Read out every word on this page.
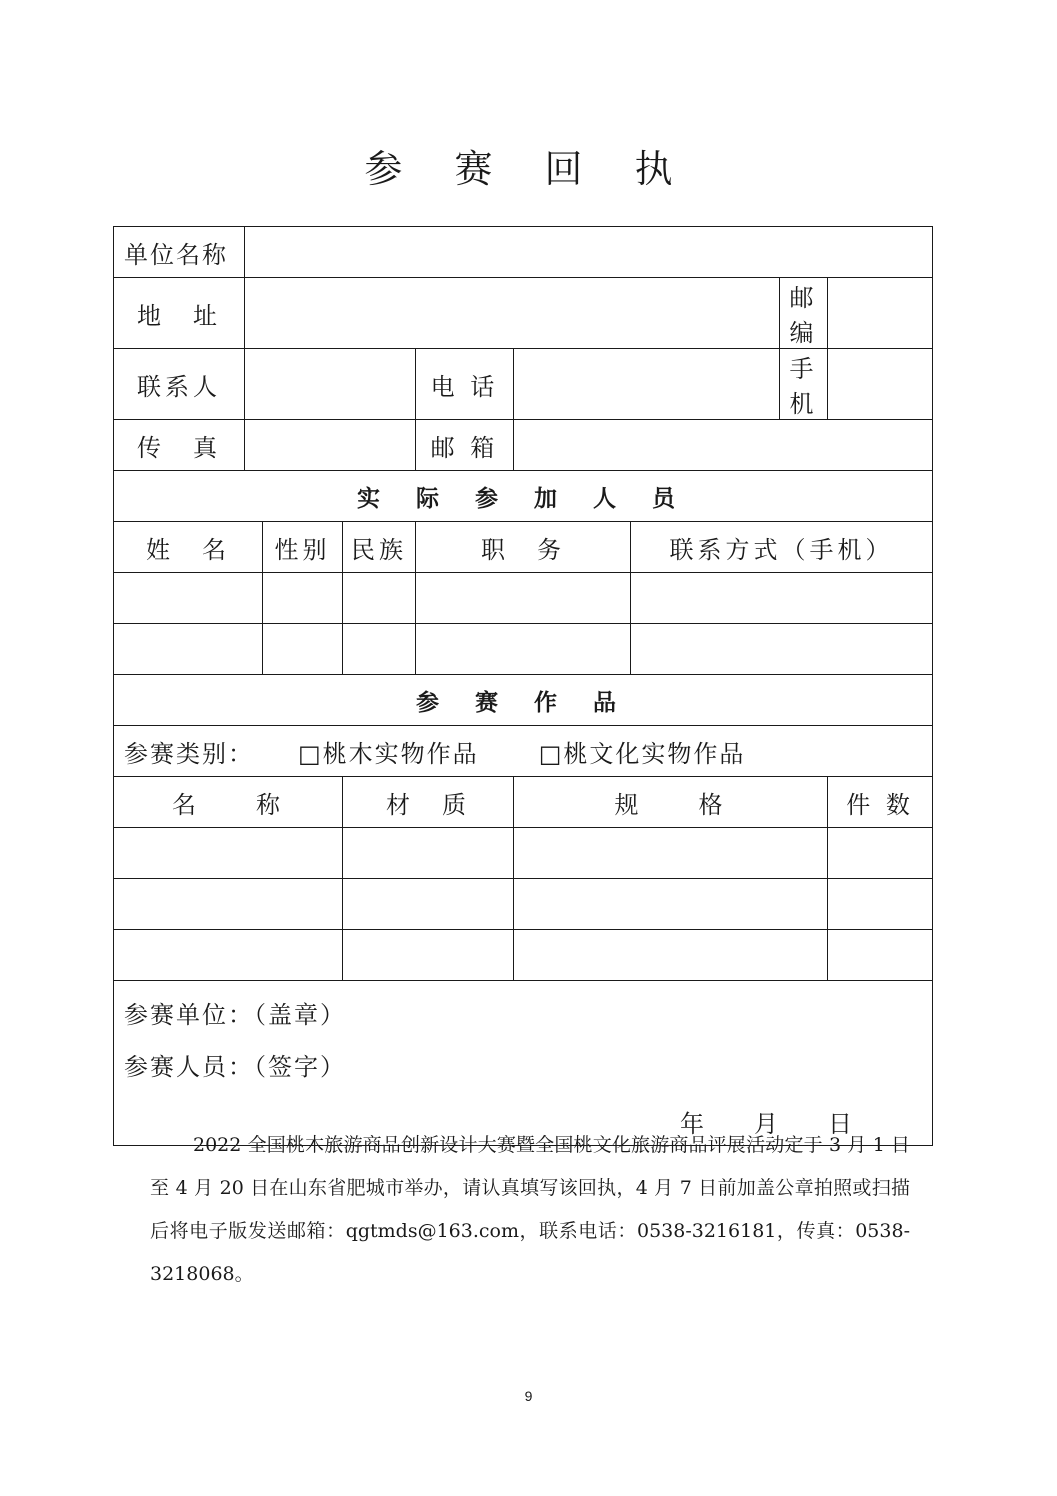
参 赛 回 执
单位名称								
地　址							邮 编	
联系人				电 话			手 机	
传　真				邮 箱				
实 际 参 加 人 员								
姓　名		性别	民族	职　务		联系方式（手机）		

参 赛 作 品								
参赛类别： □桃木实物作品 □桃文化实物作品								
名　　称			材　质		规　　格			件 数

参赛单位：（盖章）
参赛人员：（签字）
年 月 日								
2022 全国桃木旅游商品创新设计大赛暨全国桃文化旅游商品评展活动定于 3 月 1 日至 4 月 20 日在山东省肥城市举办，请认真填写该回执，4 月 7 日前加盖公章拍照或扫描后将电子版发送邮箱：qgtmds@163.com，联系电话：0538-3216181，传真：0538-3218068。
9
